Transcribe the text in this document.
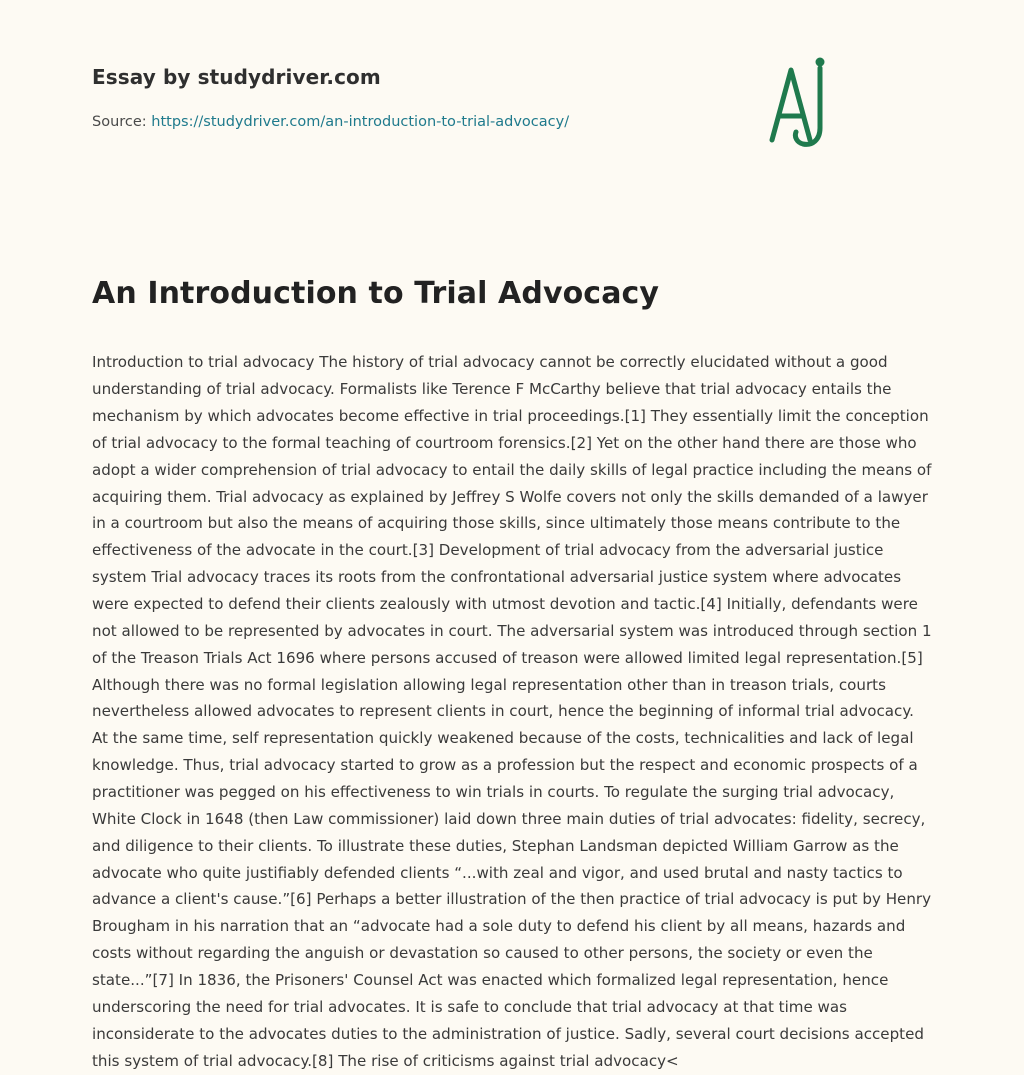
Essay by studydriver.com
Source: https://studydriver.com/an-introduction-to-trial-advocacy/
An Introduction to Trial Advocacy
Introduction to trial advocacy The history of trial advocacy cannot be correctly elucidated without a good understanding of trial advocacy. Formalists like Terence F McCarthy believe that trial advocacy entails the mechanism by which advocates become effective in trial proceedings.[1] They essentially limit the conception of trial advocacy to the formal teaching of courtroom forensics.[2] Yet on the other hand there are those who adopt a wider comprehension of trial advocacy to entail the daily skills of legal practice including the means of acquiring them. Trial advocacy as explained by Jeffrey S Wolfe covers not only the skills demanded of a lawyer in a courtroom but also the means of acquiring those skills, since ultimately those means contribute to the effectiveness of the advocate in the court.[3] Development of trial advocacy from the adversarial justice system Trial advocacy traces its roots from the confrontational adversarial justice system where advocates were expected to defend their clients zealously with utmost devotion and tactic.[4] Initially, defendants were not allowed to be represented by advocates in court. The adversarial system was introduced through section 1 of the Treason Trials Act 1696 where persons accused of treason were allowed limited legal representation.[5] Although there was no formal legislation allowing legal representation other than in treason trials, courts nevertheless allowed advocates to represent clients in court, hence the beginning of informal trial advocacy. At the same time, self representation quickly weakened because of the costs, technicalities and lack of legal knowledge. Thus, trial advocacy started to grow as a profession but the respect and economic prospects of a practitioner was pegged on his effectiveness to win trials in courts. To regulate the surging trial advocacy, White Clock in 1648 (then Law commissioner) laid down three main duties of trial advocates: fidelity, secrecy, and diligence to their clients. To illustrate these duties, Stephan Landsman depicted William Garrow as the advocate who quite justifiably defended clients “...with zeal and vigor, and used brutal and nasty tactics to advance a client's cause.”[6] Perhaps a better illustration of the then practice of trial advocacy is put by Henry Brougham in his narration that an “advocate had a sole duty to defend his client by all means, hazards and costs without regarding the anguish or devastation so caused to other persons, the society or even the state...”[7] In 1836, the Prisoners' Counsel Act was enacted which formalized legal representation, hence underscoring the need for trial advocates. It is safe to conclude that trial advocacy at that time was inconsiderate to the advocates duties to the administration of justice. Sadly, several court decisions accepted this system of trial advocacy.[8] The rise of criticisms against trial advocacy<
